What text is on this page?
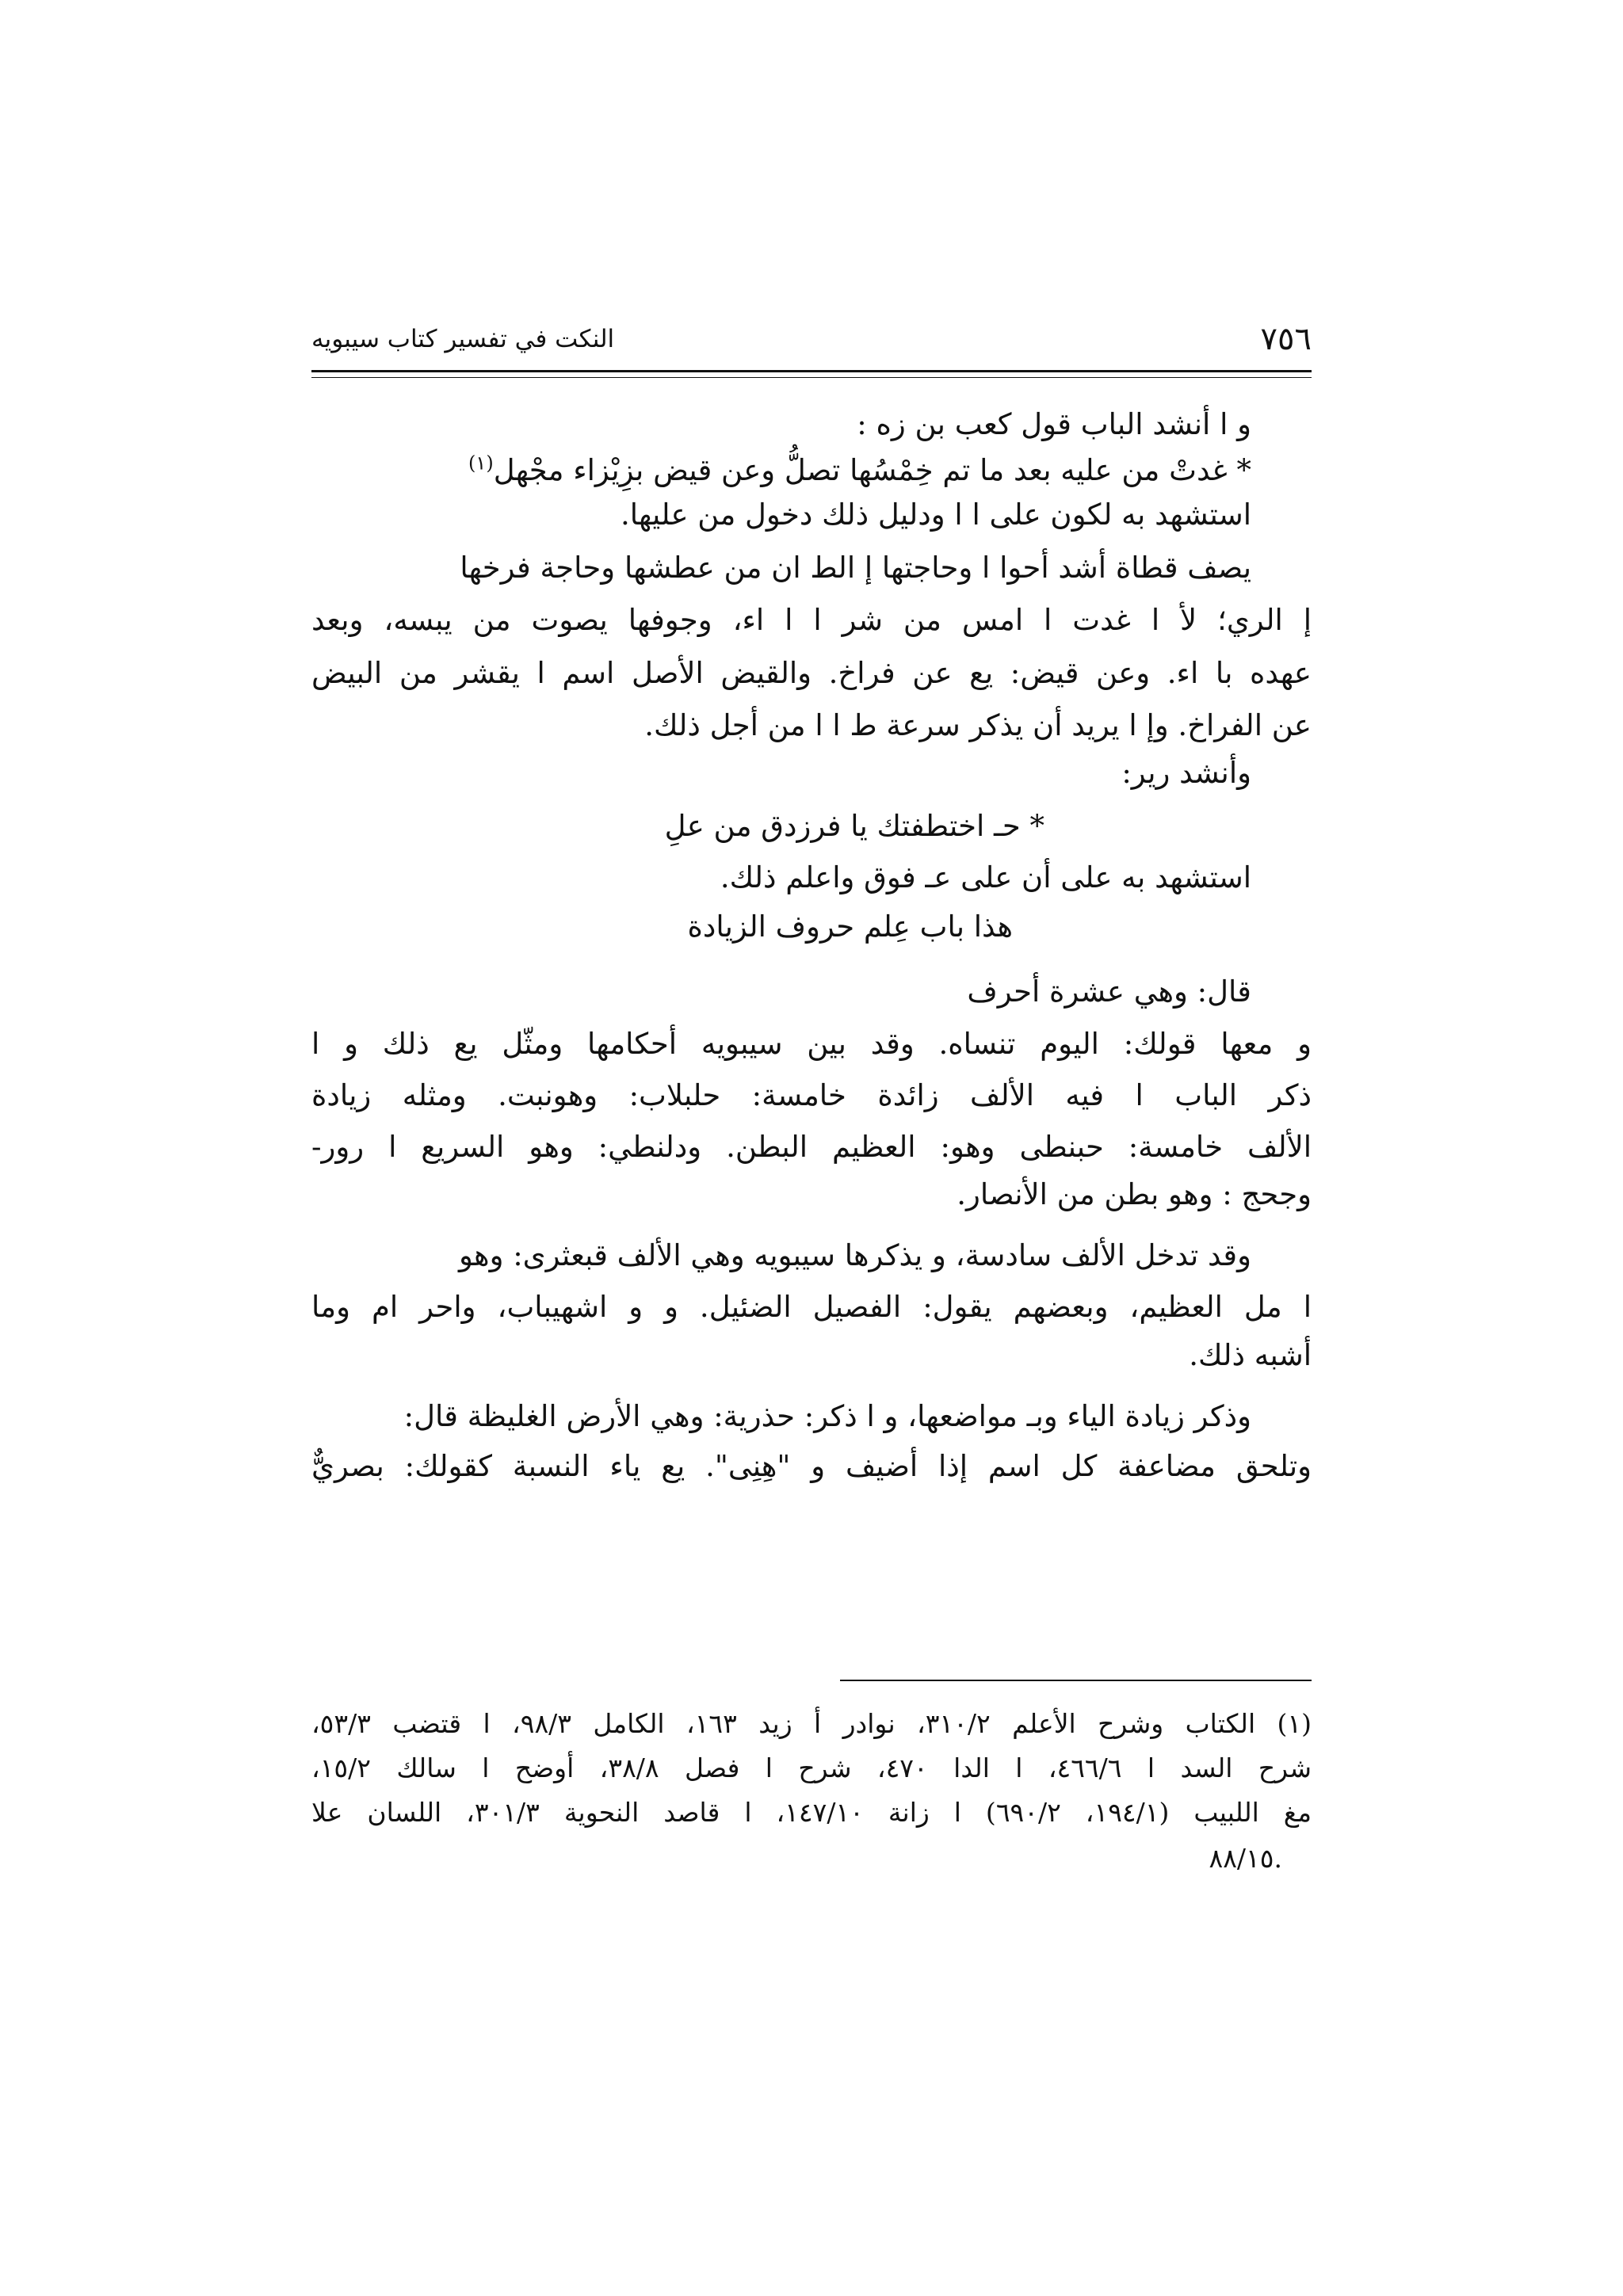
٧٥٦
النكت في تفسير كتاب سيبويه
و ا أنشد الباب قول كعب بن زه :
* غدتْ من عليه بعد ما تم خِمْسُها تصلُّ وعن قيض بزِيْزاء مجْهل$^{(١)}$
استشهد به لكون على ا ا ودليل ذلك دخول من عليها.
يصف قطاة أشد أحوا ا وحاجتها إ الط ان من عطشها وحاجة فرخها
إ الري؛ لأ ا غدت ا امس من شر ا ا اء، وجوفها يصوت من يبسه، وبعد
عهده با اء. وعن قيض: يع عن فراخ. والقيض الأصل اسم ا يقشر من البيض
عن الفراخ. وإ ا يريد أن يذكر سرعة ط ا ا من أجل ذلك.
وأنشد رير:
* حـ اختطفتك يا فرزدق من علِ
استشهد به على أن على عـ فوق واعلم ذلك.
هذا باب عِلم حروف الزيادة
قال: وهي عشرة أحرف
و معها قولك: اليوم تنساه. وقد بين سيبويه أحكامها ومثّل يع ذلك و ا
ذكر الباب ا فيه الألف زائدة خامسة: حلبلاب: وهونبت. ومثله زيادة
الألف خامسة: حبنطى وهو: العظيم البطن. ودلنطي: وهو السريع ا رور-
وجحج : وهو بطن من الأنصار.
وقد تدخل الألف سادسة، و يذكرها سيبويه وهي الألف قبعثرى: وهو
ا مل العظيم، وبعضهم يقول: الفصيل الضئيل. و و اشهيباب، واحر ام وما
أشبه ذلك.
وذكر زيادة الياء وبـ مواضعها، و ا ذكر: حذرية: وهي الأرض الغليظة قال:
وتلحق مضاعفة كل اسم إذا أضيف و "هِنِى". يع ياء النسبة كقولك: بصريٌّ
(١) الكتاب وشرح الأعلم ٣١٠/٢، نوادر أ زيد ١٦٣، الكامل ٩٨/٣، ا قتضب ٥٣/٣،
شرح السد ا ٤٦٦/٦، ا الدا ٤٧٠، شرح ا فصل ٣٨/٨، أوضح ا سالك ١٥/٢،
مغ اللبيب (١٩٤/١، ٦٩٠/٢) ا زانة ١٤٧/١٠، ا قاصد النحوية ٣٠١/٣، اللسان علا
.٨٨/١٥
